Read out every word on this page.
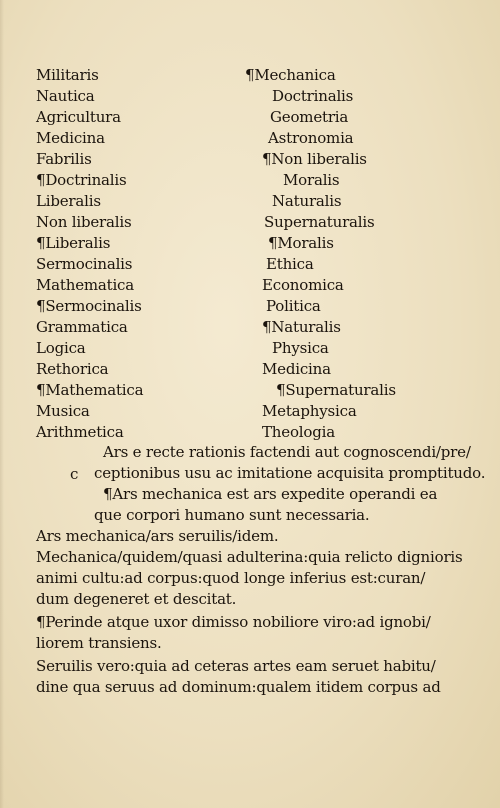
Militaris
Nautica
Agricultura
Medicina
Fabrilis
¶Doctrinalis
Liberalis
Non liberalis
¶Liberalis
Sermocinalis
Mathematica
¶Sermocinalis
Grammatica
Logica
Rethorica
¶Mathematica
Musica
Arithmetica
¶Mechanica
Doctrinalis
Geometria
Astronomia
¶Non liberalis
Moralis
Naturalis
Supernaturalis
¶Moralis
Ethica
Economica
Politica
¶Naturalis
Physica
Medicina
¶Supernaturalis
Metaphysica
Theologia
c
Ars e recte rationis factendi aut cognoscendi/pre/
ceptionibus usu ac imitatione acquisita promptitudo.
¶Ars mechanica est ars expedite operandi ea
que corpori humano sunt necessaria.
Ars mechanica/ars seruilis/idem.
Mechanica/quidem/quasi adulterina:quia relicto dignioris
animi cultu:ad corpus:quod longe inferius est:curan/
dum degeneret et descitat.
¶Perinde atque uxor dimisso nobiliore viro:ad ignobi/
liorem transiens.
Seruilis vero:quia ad ceteras artes eam seruet habitu/
dine qua seruus ad dominum:qualem itidem corpus ad
